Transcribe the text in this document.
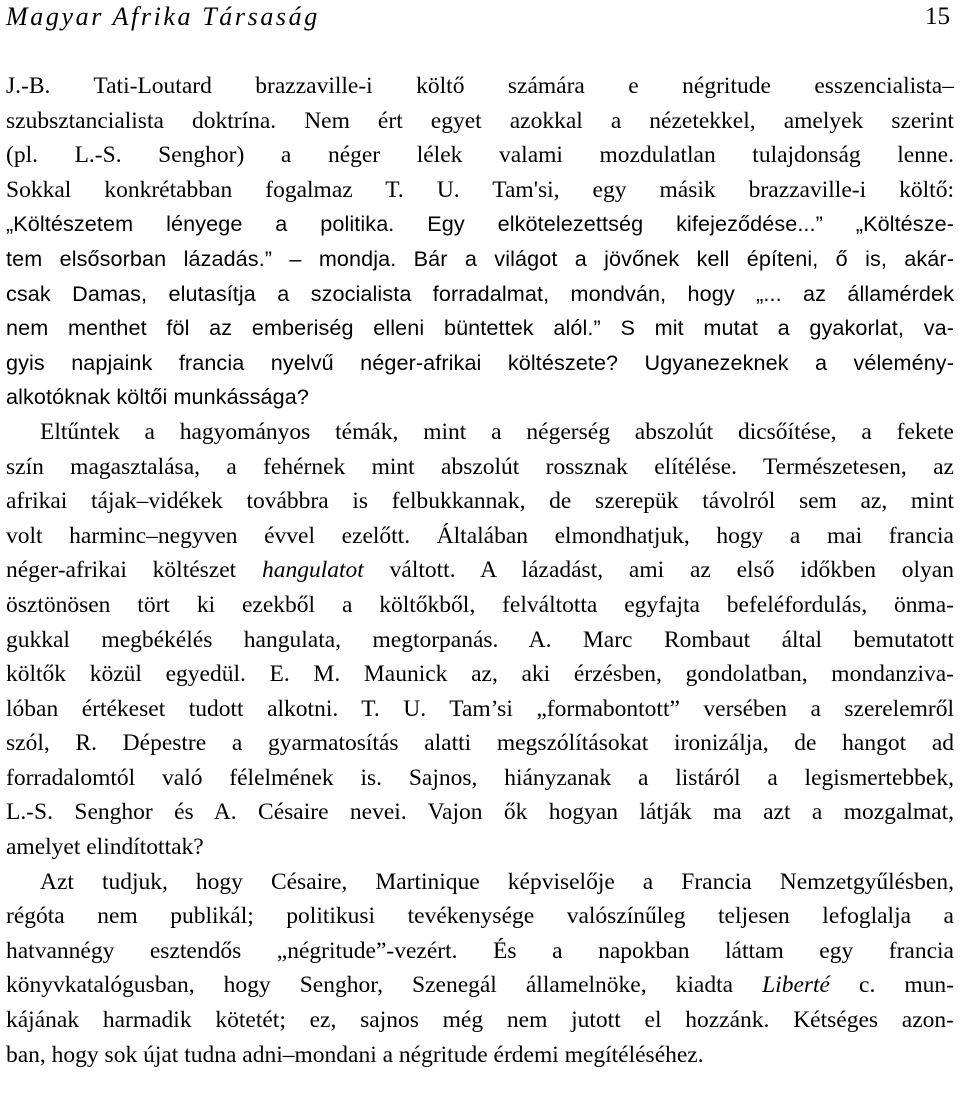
Magyar Afrika Társaság	15
J.-B. Tati-Loutard brazzaville-i költő számára e négritude esszencialista–
szubsztancialista doktrína. Nem ért egyet azokkal a nézetekkel, amelyek szerint
(pl. L.-S. Senghor) a néger lélek valami mozdulatlan tulajdonság lenne.
Sokkal konkrétabban fogalmaz T. U. Tam'si, egy másik brazzaville-i költő:
„Költészetem lényege a politika. Egy elkötelezettség kifejeződése...” „Költésze-
tem elsősorban lázadás.” – mondja. Bár a világot a jövőnek kell építeni, ő is, akár-
csak Damas, elutasítja a szocialista forradalmat, mondván, hogy „... az államérdek
nem menthet föl az emberiség elleni büntettek alól.” S mit mutat a gyakorlat, va-
gyis napjaink francia nyelvű néger-afrikai költészete? Ugyanezeknek a vélemény-
alkotóknak költői munkássága?
Eltűntek a hagyományos témák, mint a négerség abszolút dicsőítése, a fekete
szín magasztalása, a fehérnek mint abszolút rossznak elítélése. Természetesen, az
afrikai tájak–vidékek továbbra is felbukkannak, de szerepük távolról sem az, mint
volt harminc–negyven évvel ezelőtt. Általában elmondhatjuk, hogy a mai francia
néger-afrikai költészet hangulatot váltott. A lázadást, ami az első időkben olyan
ösztönösen tört ki ezekből a költőkből, felváltotta egyfajta befeléfordulás, önma-
gukkal megbékélés hangulata, megtorpanás. A. Marc Rombaut által bemutatott
költők közül egyedül. E. M. Maunick az, aki érzésben, gondolatban, mondanziva-
lóban értékeset tudott alkotni. T. U. Tam’si „formabontott” versében a szerelemről
szól, R. Dépestre a gyarmatosítás alatti megszólításokat ironizálja, de hangot ad
forradalomtól való félelmének is. Sajnos, hiányzanak a listáról a legismertebbek,
L.-S. Senghor és A. Césaire nevei. Vajon ők hogyan látják ma azt a mozgalmat,
amelyet elindítottak?
Azt tudjuk, hogy Césaire, Martinique képviselője a Francia Nemzetgyűlésben,
régóta nem publikál; politikusi tevékenysége valószínűleg teljesen lefoglalja a
hatvannégy esztendős „négritude”-vezért. És a napokban láttam egy francia
könyvkatalógusban, hogy Senghor, Szenegál államelnöke, kiadta Liberté c. mun-
kájának harmadik kötetét; ez, sajnos még nem jutott el hozzánk. Kétséges azon-
ban, hogy sok újat tudna adni–mondani a négritude érdemi megítéléséhez.
